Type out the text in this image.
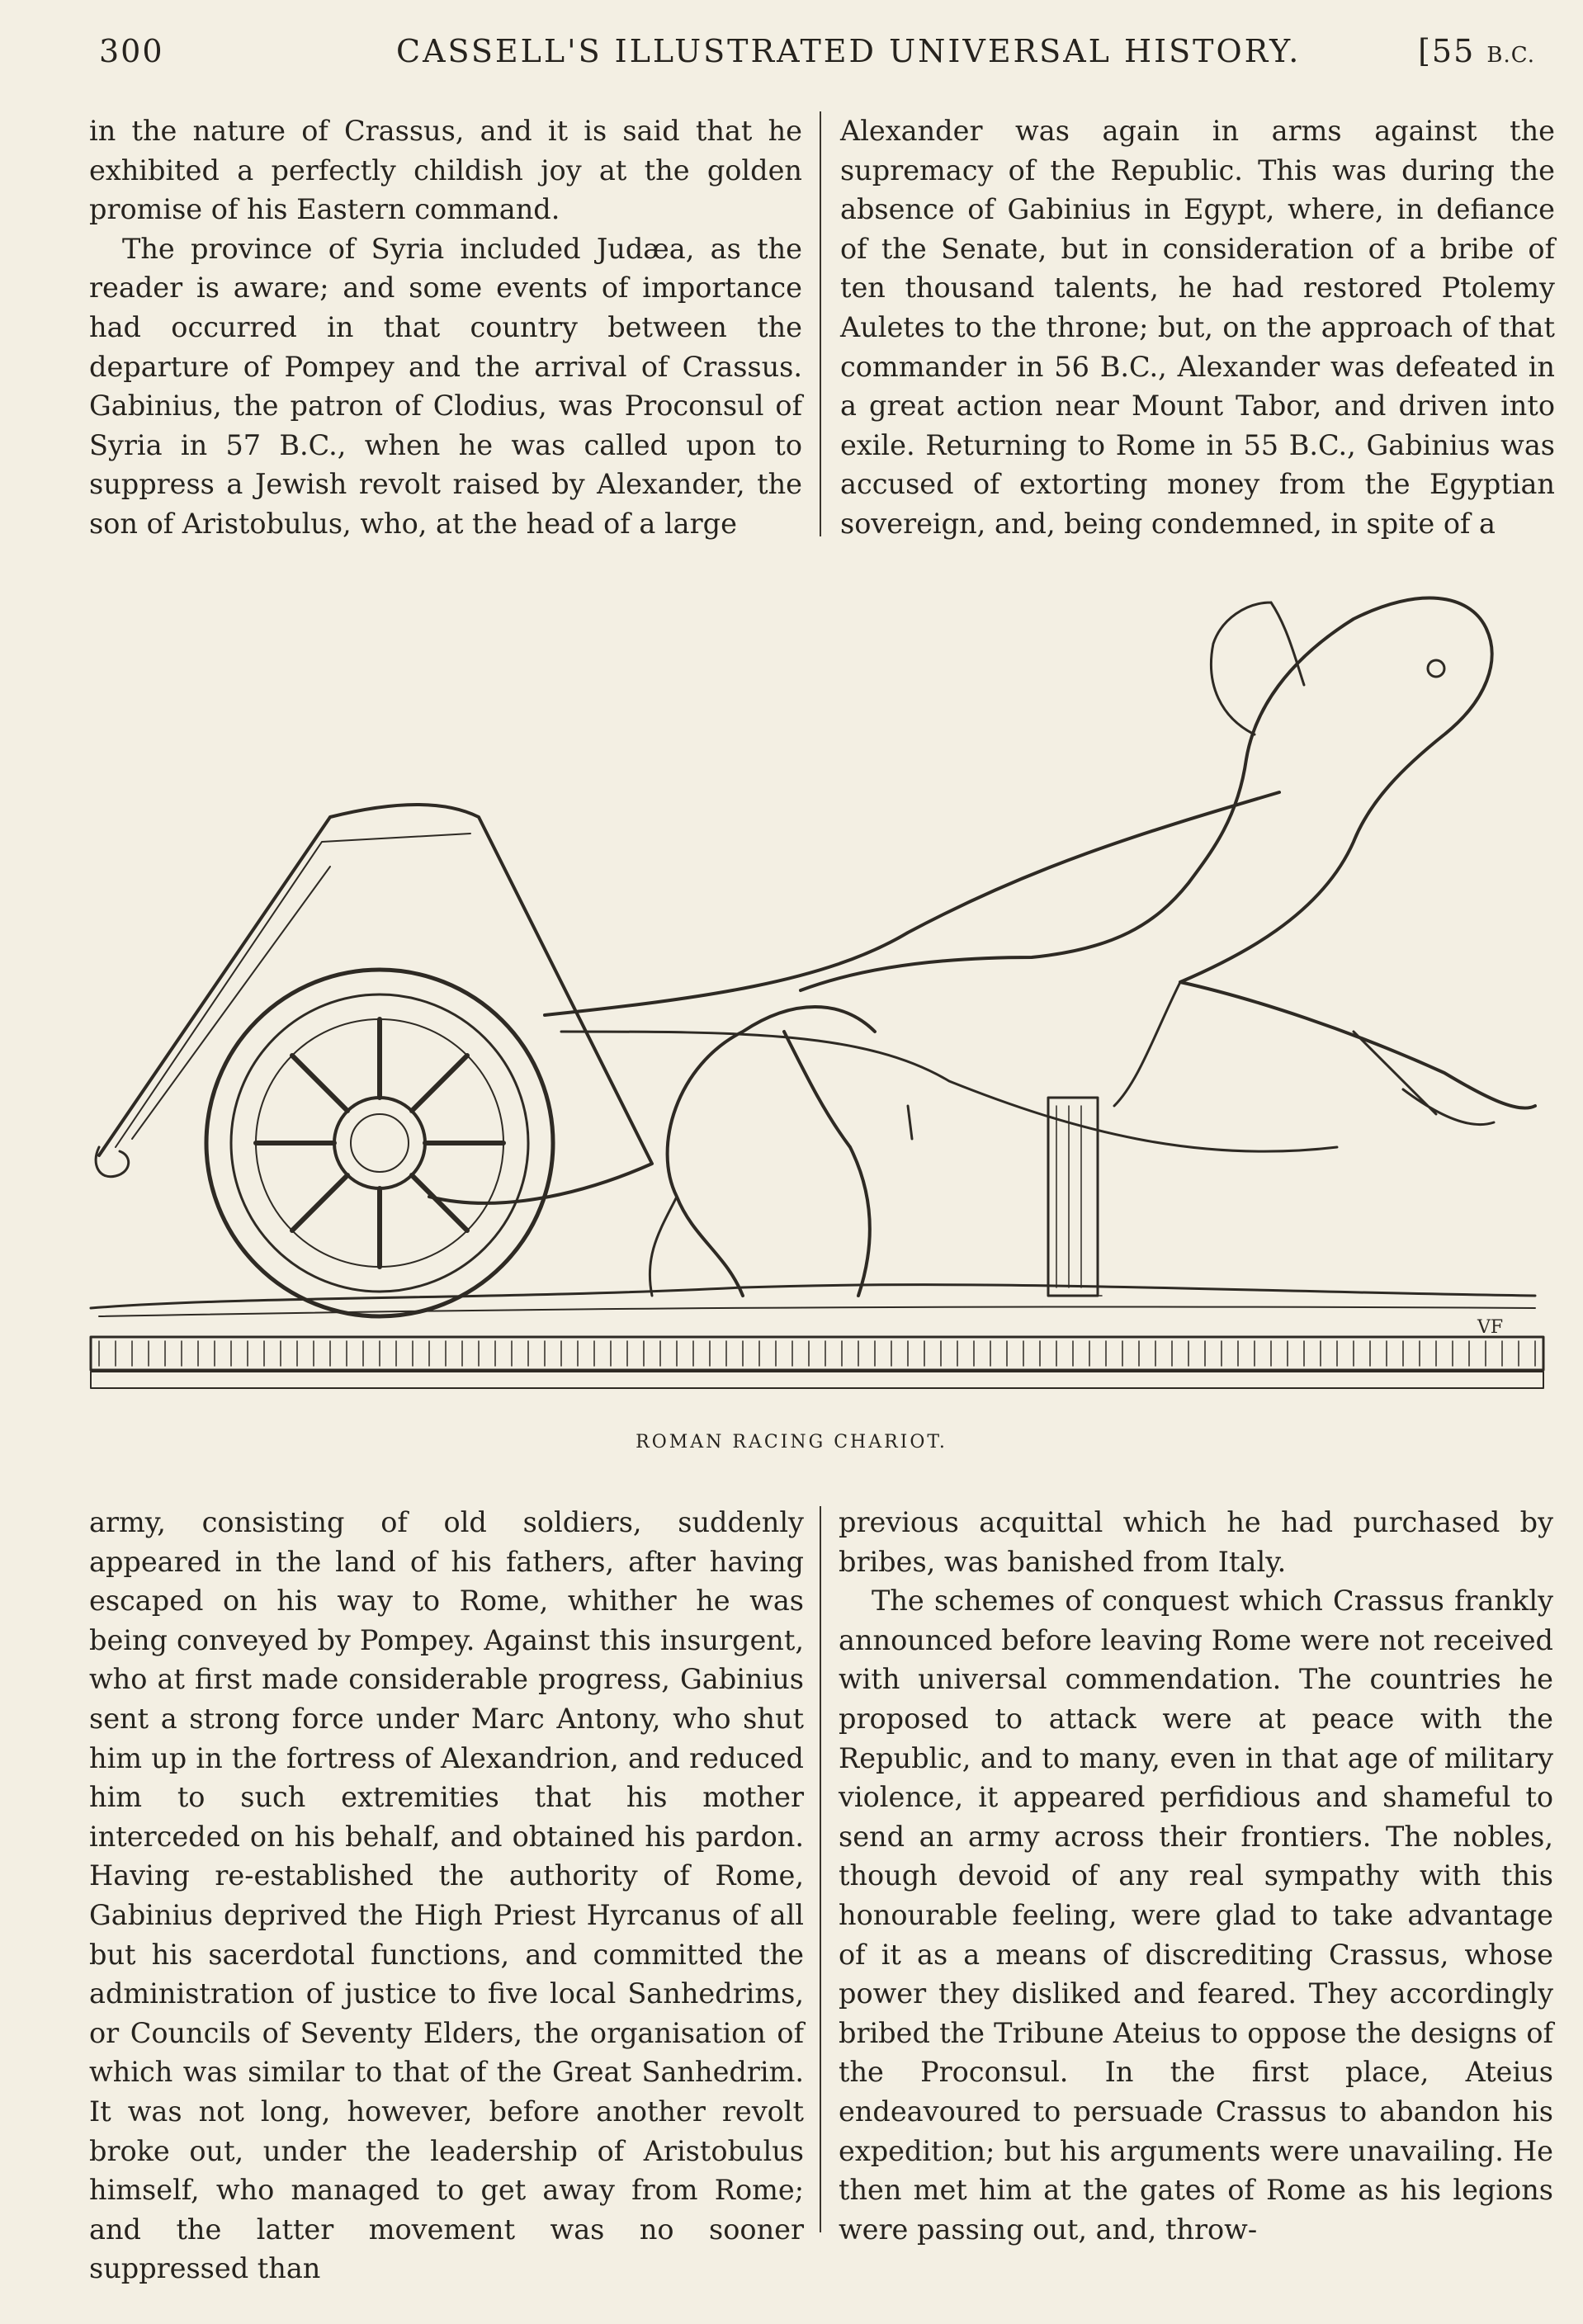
300	CASSELL'S ILLUSTRATED UNIVERSAL HISTORY.	[55 B.C.

in the nature of Crassus, and it is said that he exhibited a perfectly childish joy at the golden promise of his Eastern command.

The province of Syria included Judæa, as the reader is aware; and some events of importance had occurred in that country between the departure of Pompey and the arrival of Crassus. Gabinius, the patron of Clodius, was Proconsul of Syria in 57 B.C., when he was called upon to suppress a Jewish revolt raised by Alexander, the son of Aristobulus, who, at the head of a large

Alexander was again in arms against the supremacy of the Republic. This was during the absence of Gabinius in Egypt, where, in defiance of the Senate, but in consideration of a bribe of ten thousand talents, he had restored Ptolemy Auletes to the throne; but, on the approach of that commander in 56 B.C., Alexander was defeated in a great action near Mount Tabor, and driven into exile. Returning to Rome in 55 B.C., Gabinius was accused of extorting money from the Egyptian sovereign, and, being condemned, in spite of a

VF
ROMAN RACING CHARIOT.

army, consisting of old soldiers, suddenly appeared in the land of his fathers, after having escaped on his way to Rome, whither he was being conveyed by Pompey. Against this insurgent, who at first made considerable progress, Gabinius sent a strong force under Marc Antony, who shut him up in the fortress of Alexandrion, and reduced him to such extremities that his mother interceded on his behalf, and obtained his pardon. Having re-established the authority of Rome, Gabinius deprived the High Priest Hyrcanus of all but his sacerdotal functions, and committed the administration of justice to five local Sanhedrims, or Councils of Seventy Elders, the organisation of which was similar to that of the Great Sanhedrim. It was not long, however, before another revolt broke out, under the leadership of Aristobulus himself, who managed to get away from Rome; and the latter movement was no sooner suppressed than

previous acquittal which he had purchased by bribes, was banished from Italy.

The schemes of conquest which Crassus frankly announced before leaving Rome were not received with universal commendation. The countries he proposed to attack were at peace with the Republic, and to many, even in that age of military violence, it appeared perfidious and shameful to send an army across their frontiers. The nobles, though devoid of any real sympathy with this honourable feeling, were glad to take advantage of it as a means of discrediting Crassus, whose power they disliked and feared. They accordingly bribed the Tribune Ateius to oppose the designs of the Proconsul. In the first place, Ateius endeavoured to persuade Crassus to abandon his expedition; but his arguments were unavailing. He then met him at the gates of Rome as his legions were passing out, and, throw-
